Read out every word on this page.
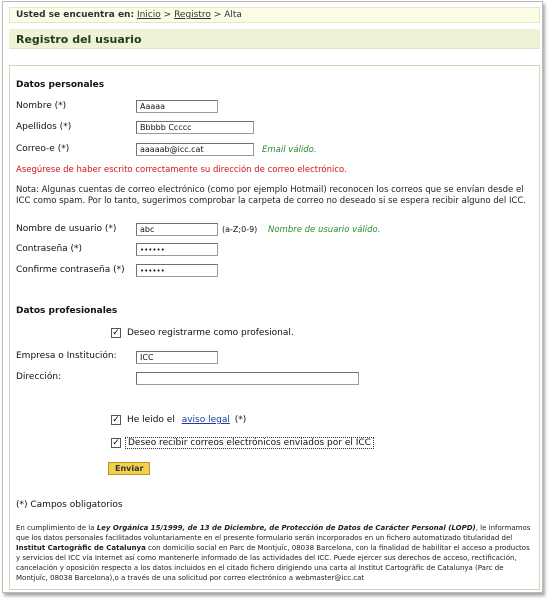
Usted se encuentra en: Inicio > Registro > Alta
Registro del usuario
Datos personales
Nombre (*)	Aaaaa
Apellidos (*)	Bbbbb Ccccc
Correo-e (*)	aaaaab@icc.cat	Email válido.
Asegúrese de haber escrito correctamente su dirección de correo electrónico.
Nota: Algunas cuentas de correo electrónico (como por ejemplo Hotmail) reconocen los correos que se envían desde el ICC como spam. Por lo tanto, sugerimos comprobar la carpeta de correo no deseado si se espera recibir alguno del ICC.
Nombre de usuario (*)	abc	(a-Z;0-9) Nombre de usuario válido.
Contraseña (*)	••••••
Confirme contraseña (*)	••••••
Datos profesionales
✓ Deseo registrarme como profesional.
Empresa o Institución:	ICC
Dirección:
✓ He leido el aviso legal (*)
✓ Deseo recibir correos electrónicos enviados por el ICC
Enviar
(*) Campos obligatorios
En cumplimiento de la Ley Orgánica 15/1999, de 13 de Diciembre, de Protección de Datos de Carácter Personal (LOPD), le informamos que los datos personales facilitados voluntariamente en el presente formulario serán incorporados en un fichero automatizado titularidad del Institut Cartogràfic de Catalunya con domicilio social en Parc de Montjuïc, 08038 Barcelona, con la finalidad de habilitar el acceso a productos y servicios del ICC vía Internet así como mantenerle informado de las actividades del ICC. Puede ejercer sus derechos de acceso, rectificación, cancelación y oposición respecto a los datos incluidos en el citado fichero dirigiendo una carta al Institut Cartogràfic de Catalunya (Parc de Montjuïc, 08038 Barcelona),o a través de una solicitud por correo electrónico a webmaster@icc.cat
